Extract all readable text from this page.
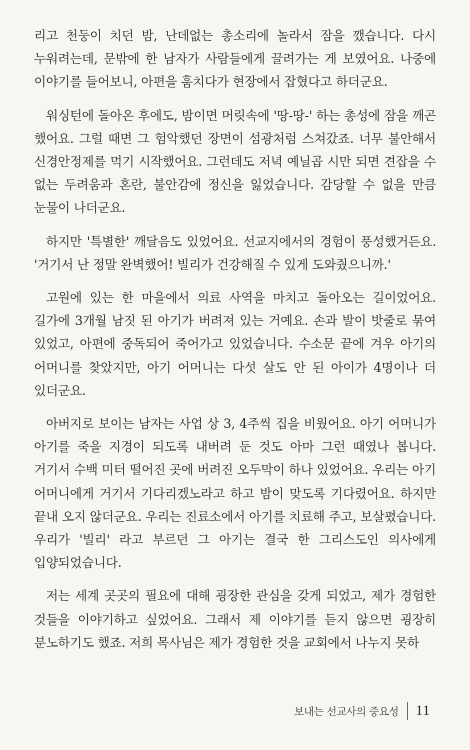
리고 천둥이 치던 밤, 난데없는 총소리에 놀라서 잠을 깼습니다. 다시 누워려는데, 문밖에 한 남자가 사람들에게 끌려가는 게 보였어요. 나중에 이야기를 들어보니, 아편을 훔치다가 현장에서 잡혔다고 하더군요.

워싱턴에 돌아온 후에도, 밤이면 머릿속에 '땅-땅-' 하는 총성에 잠을 깨곤 했어요. 그럴 때면 그 험악했던 장면이 섬광처럼 스쳐갔죠. 너무 불안해서 신경안정제를 먹기 시작했어요. 그런데도 저녁 예닐곱 시만 되면 견잡을 수 없는 두려움과 혼란, 불안감에 정신을 잃었습니다. 감당할 수 없을 만큼 눈물이 나더군요.

하지만 '특별한' 깨달음도 있었어요. 선교지에서의 경험이 풍성했거든요. '거기서 난 정말 완벽했어! 빌리가 건강해질 수 있게 도와줬으니까.'

고원에 있는 한 마을에서 의료 사역을 마치고 돌아오는 길이었어요. 길가에 3개월 남짓 된 아기가 버려져 있는 거예요. 손과 발이 밧줄로 묶여 있었고, 아편에 중독되어 죽어가고 있었습니다. 수소문 끝에 겨우 아기의 어머니를 찾았지만, 아기 어머니는 다섯 살도 안 된 아이가 4명이나 더 있더군요.

아버지로 보이는 남자는 사업 상 3, 4주씩 집을 비웠어요. 아기 어머니가 아기를 죽을 지경이 되도록 내버려 둔 것도 아마 그런 때였나 봅니다. 거기서 수백 미터 떨어진 곳에 버려진 오두막이 하나 있었어요. 우리는 아기 어머니에게 거기서 기다리겠노라고 하고 밤이 맞도록 기다렸어요. 하지만 끝내 오지 않더군요. 우리는 진료소에서 아기를 치료해 주고, 보살폈습니다. 우리가 '빌리' 라고 부르던 그 아기는 결국 한 그리스도인 의사에게 입양되었습니다.

저는 세계 곳곳의 필요에 대해 굉장한 관심을 갖게 되었고, 제가 경험한 것들을 이야기하고 싶었어요. 그래서 제 이야기를 듣지 않으면 굉장히 분노하기도 했죠. 저희 목사님은 제가 경험한 것을 교회에서 나누지 못하

보내는 선교사의 중요성 11
